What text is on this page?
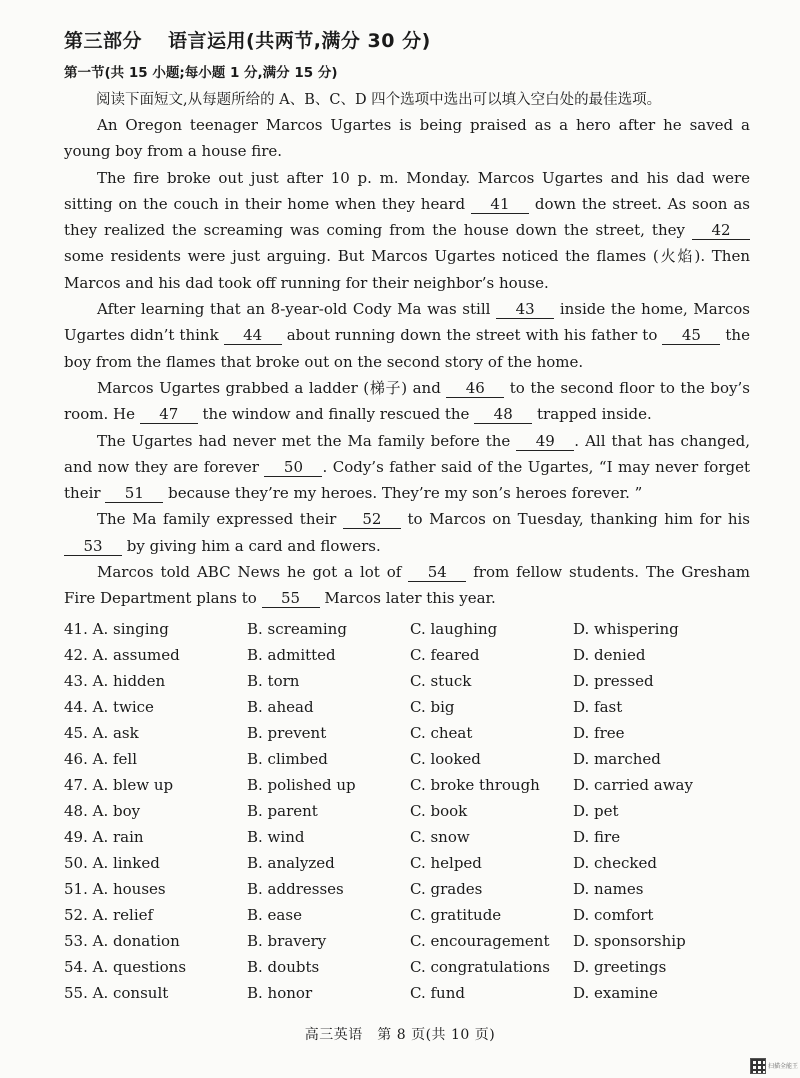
第三部分 语言运用(共两节,满分 30 分)
第一节(共 15 小题;每小题 1 分,满分 15 分)
阅读下面短文,从每题所给的 A、B、C、D 四个选项中选出可以填入空白处的最佳选项。

An Oregon teenager Marcos Ugartes is being praised as a hero after he saved a young boy from a house fire.

The fire broke out just after 10 p. m. Monday. Marcos Ugartes and his dad were sitting on the couch in their home when they heard 41 down the street. As soon as they realized the screaming was coming from the house down the street, they 42 some residents were just arguing. But Marcos Ugartes noticed the flames (火焰). Then Marcos and his dad took off running for their neighbor’s house.

After learning that an 8-year-old Cody Ma was still 43 inside the home, Marcos Ugartes didn’t think 44 about running down the street with his father to 45 the boy from the flames that broke out on the second story of the home.

Marcos Ugartes grabbed a ladder (梯子) and 46 to the second floor to the boy’s room. He 47 the window and finally rescued the 48 trapped inside.

The Ugartes had never met the Ma family before the 49 . All that has changed, and now they are forever 50 . Cody’s father said of the Ugartes, “I may never forget their 51 because they’re my heroes. They’re my son’s heroes forever. ”

The Ma family expressed their 52 to Marcos on Tuesday, thanking him for his 53 by giving him a card and flowers.

Marcos told ABC News he got a lot of 54 from fellow students. The Gresham Fire Department plans to 55 Marcos later this year.

41. A. singing	B. screaming	C. laughing	D. whispering
42. A. assumed	B. admitted	C. feared	D. denied
43. A. hidden	B. torn	C. stuck	D. pressed
44. A. twice	B. ahead	C. big	D. fast
45. A. ask	B. prevent	C. cheat	D. free
46. A. fell	B. climbed	C. looked	D. marched
47. A. blew up	B. polished up	C. broke through D. carried away
48. A. boy	B. parent	C. book	D. pet
49. A. rain	B. wind	C. snow	D. fire
50. A. linked	B. analyzed	C. helped	D. checked
51. A. houses	B. addresses	C. grades	D. names
52. A. relief	B. ease	C. gratitude	D. comfort
53. A. donation	B. bravery	C. encouragement D. sponsorship
54. A. questions	B. doubts	C. congratulations D. greetings
55. A. consult	B. honor	C. fund	D. examine
高三英语　第 8 页(共 10 页)
扫描全能王
